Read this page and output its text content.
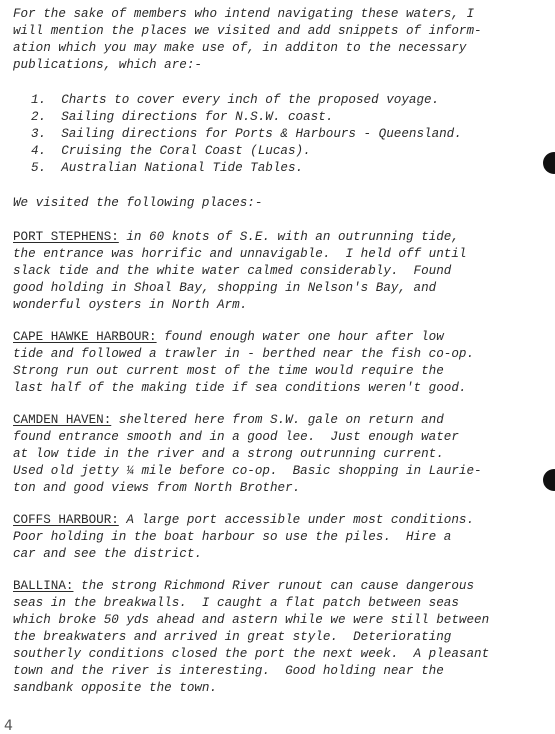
For the sake of members who intend navigating these waters, I
will mention the places we visited and add snippets of inform-
ation which you may make use of, in additon to the necessary
publications, which are:-
1. Charts to cover every inch of the proposed voyage.
2. Sailing directions for N.S.W. coast.
3. Sailing directions for Ports & Harbours - Queensland.
4. Cruising the Coral Coast (Lucas).
5. Australian National Tide Tables.
We visited the following places:-
PORT STEPHENS: in 60 knots of S.E. with an outrunning tide,
the entrance was horrific and unnavigable.  I held off until
slack tide and the white water calmed considerably.  Found
good holding in Shoal Bay, shopping in Nelson's Bay, and
wonderful oysters in North Arm.
CAPE HAWKE HARBOUR: found enough water one hour after low
tide and followed a trawler in - berthed near the fish co-op.
Strong run out current most of the time would require the
last half of the making tide if sea conditions weren't good.
CAMDEN HAVEN: sheltered here from S.W. gale on return and
found entrance smooth and in a good lee.  Just enough water
at low tide in the river and a strong outrunning current.
Used old jetty ¼ mile before co-op.  Basic shopping in Laurie-
ton and good views from North Brother.
COFFS HARBOUR: A large port accessible under most conditions.
Poor holding in the boat harbour so use the piles.  Hire a
car and see the district.
BALLINA: the strong Richmond River runout can cause dangerous
seas in the breakwalls.  I caught a flat patch between seas
which broke 50 yds ahead and astern while we were still between
the breakwaters and arrived in great style.  Deteriorating
southerly conditions closed the port the next week.  A pleasant
town and the river is interesting.  Good holding near the
sandbank opposite the town.
4
